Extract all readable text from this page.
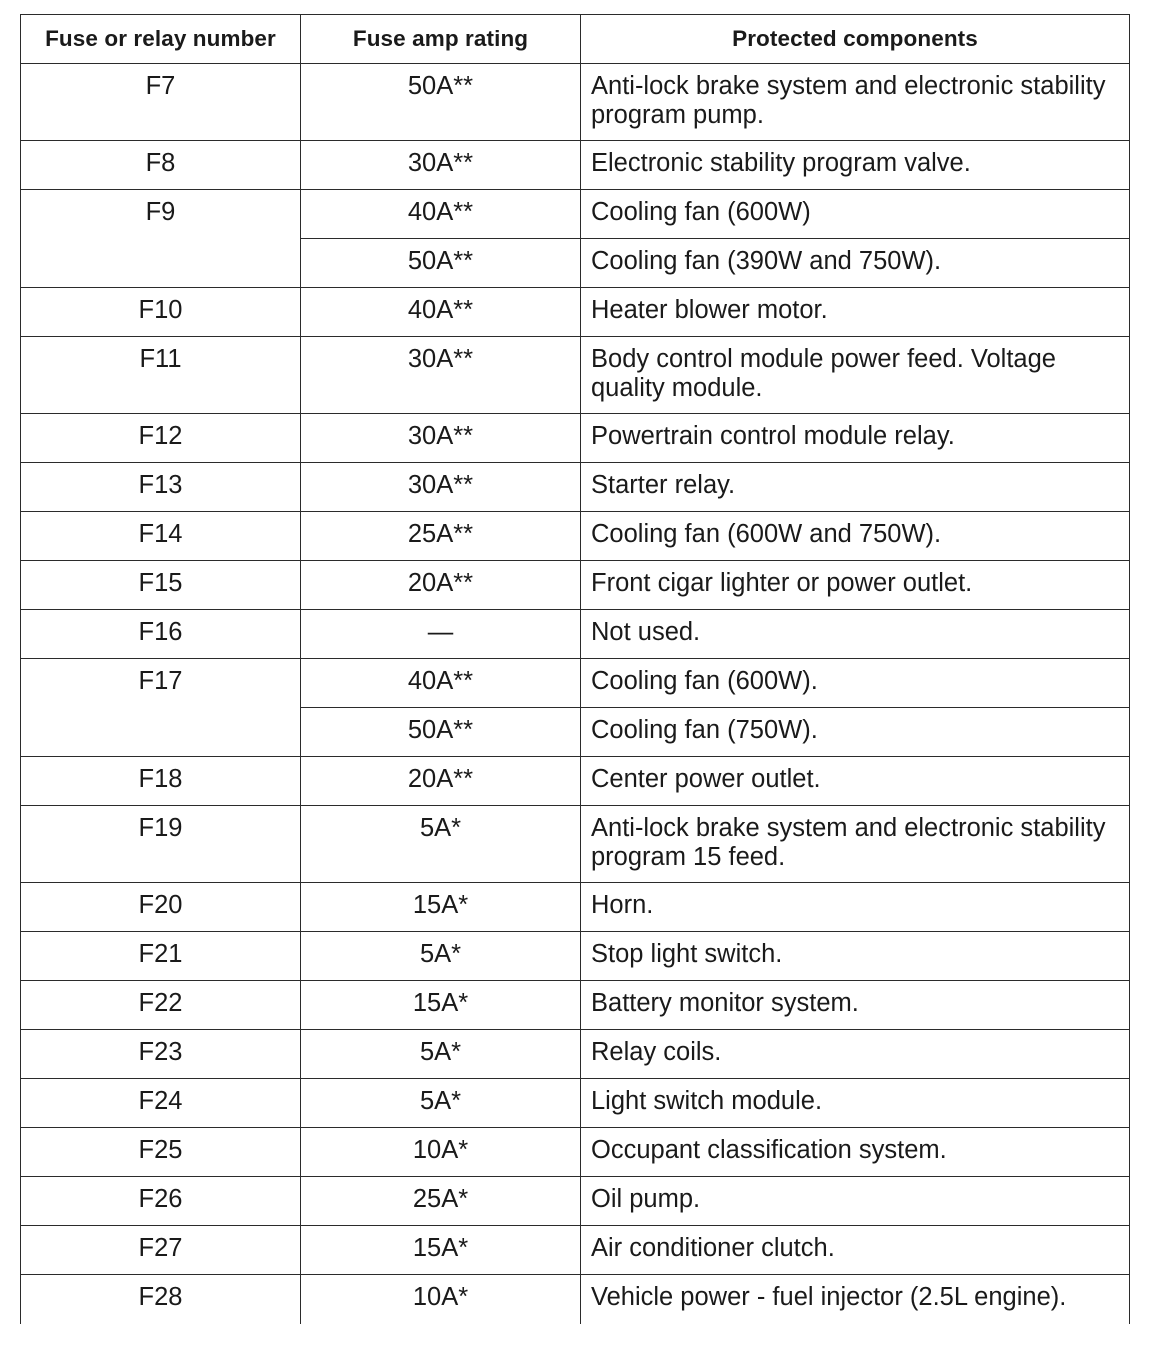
Fuse or relay number	Fuse amp rating	Protected components
F7	50A**	Anti-lock brake system and electronic stability program pump.
F8	30A**	Electronic stability program valve.
F9	40A**	Cooling fan (600W)
	50A**	Cooling fan (390W and 750W).
F10	40A**	Heater blower motor.
F11	30A**	Body control module power feed. Voltage quality module.
F12	30A**	Powertrain control module relay.
F13	30A**	Starter relay.
F14	25A**	Cooling fan (600W and 750W).
F15	20A**	Front cigar lighter or power outlet.
F16	—	Not used.
F17	40A**	Cooling fan (600W).
	50A**	Cooling fan (750W).
F18	20A**	Center power outlet.
F19	5A*	Anti-lock brake system and electronic stability program 15 feed.
F20	15A*	Horn.
F21	5A*	Stop light switch.
F22	15A*	Battery monitor system.
F23	5A*	Relay coils.
F24	5A*	Light switch module.
F25	10A*	Occupant classification system.
F26	25A*	Oil pump.
F27	15A*	Air conditioner clutch.
F28	10A*	Vehicle power - fuel injector (2.5L engine).
